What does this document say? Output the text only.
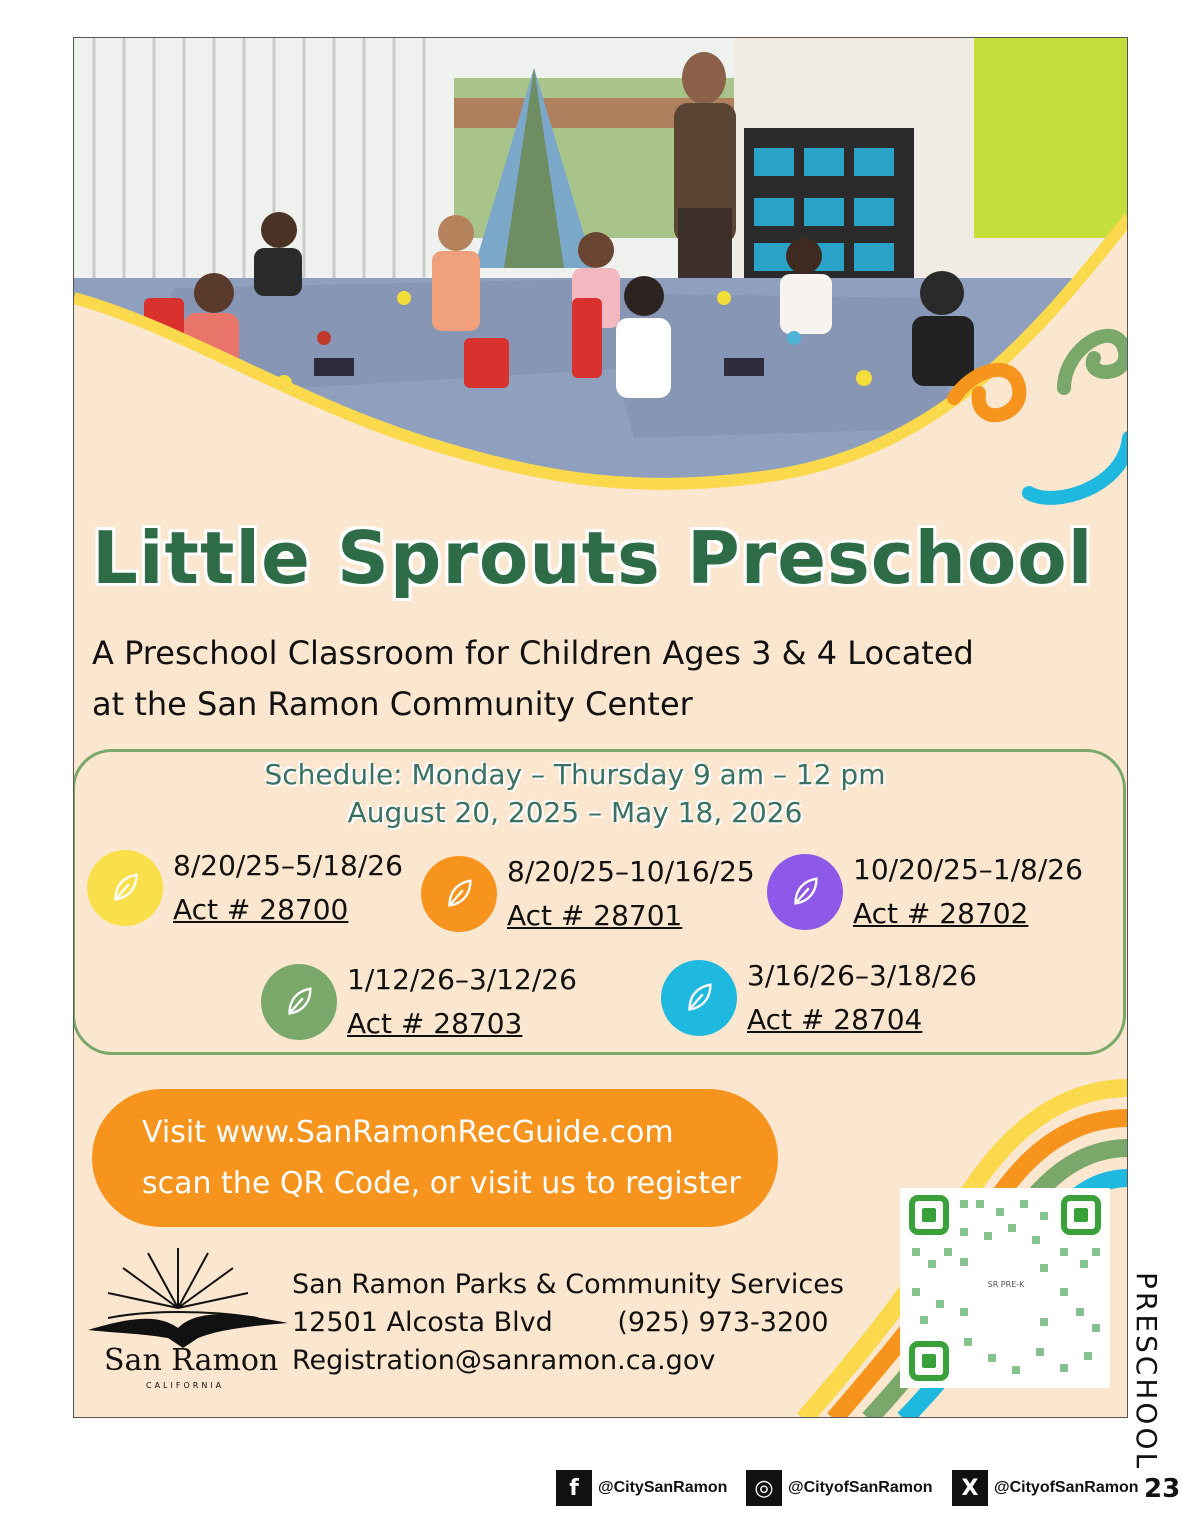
Little Sprouts Preschool
A Preschool Classroom for Children Ages 3 & 4 Located
at the San Ramon Community Center
Schedule: Monday – Thursday 9 am – 12 pm
August 20, 2025 – May 18, 2026
8/20/25–5/18/26
Act # 28700
8/20/25–10/16/25
Act # 28701
10/20/25–1/8/26
Act # 28702
1/12/26–3/12/26
Act # 28703
3/16/26–3/18/26
Act # 28704
Visit www.SanRamonRecGuide.com
scan the QR Code, or visit us to register
San Ramon
CALIFORNIA
San Ramon Parks & Community Services
12501 Alcosta Blvd (925) 973-3200
Registration@sanramon.ca.gov
SR PRE-K	PRESCHOOL
f	@CitySanRamon	◎ @CityofSanRamon	X @CityofSanRamon 23
